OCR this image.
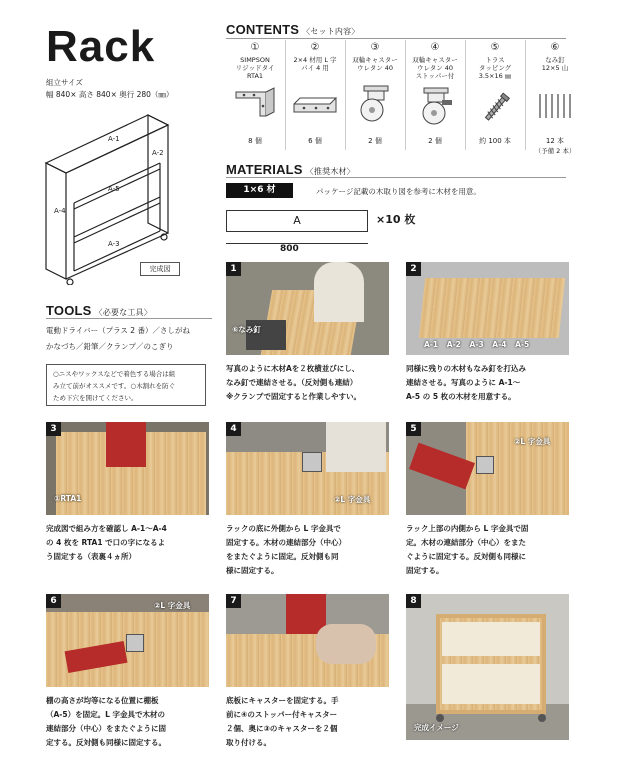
Rack
組立サイズ
幅 840× 高さ 840× 奥行 280（㎜）
A-1
A-2
A-5
A-4
A-3
完成図
CONTENTS 〈セット内容〉
①
SIMPSON
リジッドタイ
RTA1
8 個
②
2×4 材用 L 字
パイ 4 用
6 個
③
双輪キャスター
ウレタン 40
2 個
④
双輪キャスター
ウレタン 40
ストッパー付
2 個
⑤
トラス
タッピング
3.5×16 ㎜
約 100 本
⑥
なみ釘
12×5 山
12 本
（予備 2 本）
MATERIALS 〈推奨木材〉
1×6 材	パッケージ記載の木取り図を参考に木材を用意。
A	×10 枚
800
TOOLS 〈必要な工具〉
電動ドライバー（プラス 2 番）／さしがね
かなづち／鉛筆／クランプ／のこぎり
○ニスやワックスなどで着色する場合は組
み立て前がオススメです。○木割れを防ぐ
ため下穴を開けてください。
1
⑥なみ釘
写真のように木材Aを２枚横並びにし、
なみ釘で連結させる。（反対側も連結）
※クランプで固定すると作業しやすい。
2
A-1 A-2 A-3 A-4 A-5
同様に残りの木材もなみ釘を打込み
連結させる。写真のように A-1〜
A-5 の 5 枚の木材を用意する。
3
①RTA1
完成図で組み方を確認し A-1〜A-4
の 4 枚を RTA1 で口の字になるよ
う固定する（表裏４ヵ所）
4
②L 字金具
ラックの底に外側から L 字金具で
固定する。木材の連結部分（中心）
をまたぐように固定。反対側も同
様に固定する。
5
②L 字金具
ラック上部の内側から L 字金具で固
定。木材の連結部分（中心）をまた
ぐように固定する。反対側も同様に
固定する。
6	②L 字金具
棚の高さが均等になる位置に棚板
（A-5）を固定。L 字金具で木材の
連結部分（中心）をまたぐように固
定する。反対側も同様に固定する。
7
底板にキャスターを固定する。手
前に④のストッパー付キャスター
２個、奥に③のキャスターを２個
取り付ける。
8
完成イメージ
